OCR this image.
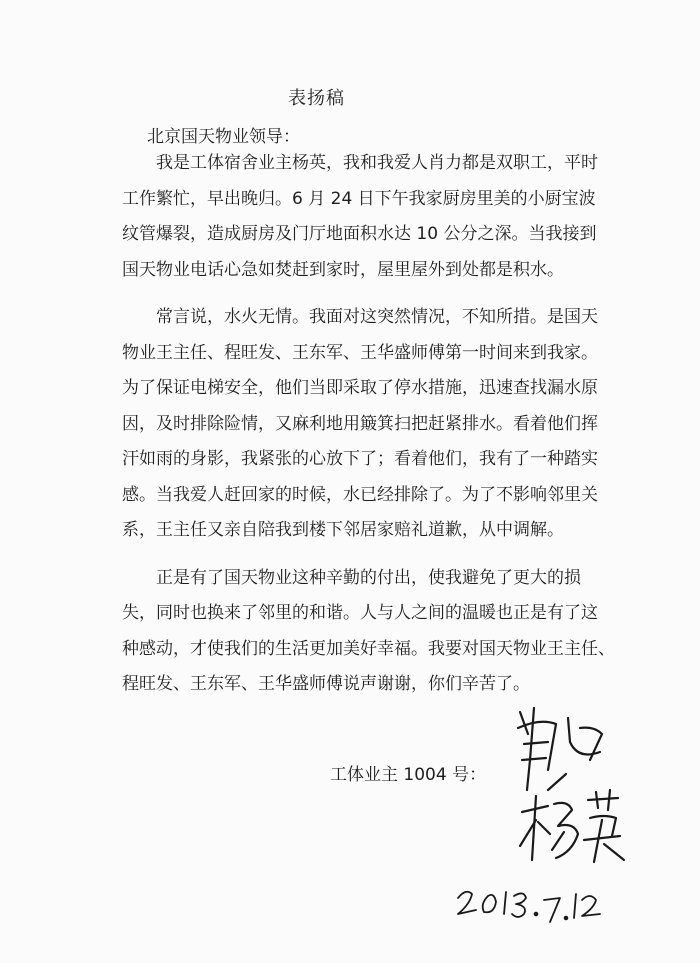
表扬稿
北京国天物业领导：
我是工体宿舍业主杨英，我和我爱人肖力都是双职工，平时
工作繁忙，早出晚归。6 月 24 日下午我家厨房里美的小厨宝波
纹管爆裂，造成厨房及门厅地面积水达 10 公分之深。当我接到
国天物业电话心急如焚赶到家时，屋里屋外到处都是积水。
常言说，水火无情。我面对这突然情况，不知所措。是国天
物业王主任、程旺发、王东军、王华盛师傅第一时间来到我家。
为了保证电梯安全，他们当即采取了停水措施，迅速查找漏水原
因，及时排除险情，又麻利地用簸箕扫把赶紧排水。看着他们挥
汗如雨的身影，我紧张的心放下了；看着他们，我有了一种踏实
感。当我爱人赶回家的时候，水已经排除了。为了不影响邻里关
系，王主任又亲自陪我到楼下邻居家赔礼道歉，从中调解。
正是有了国天物业这种辛勤的付出，使我避免了更大的损
失，同时也换来了邻里的和谐。人与人之间的温暖也正是有了这
种感动，才使我们的生活更加美好幸福。我要对国天物业王主任、
程旺发、王东军、王华盛师傅说声谢谢，你们辛苦了。
工体业主 1004 号：
